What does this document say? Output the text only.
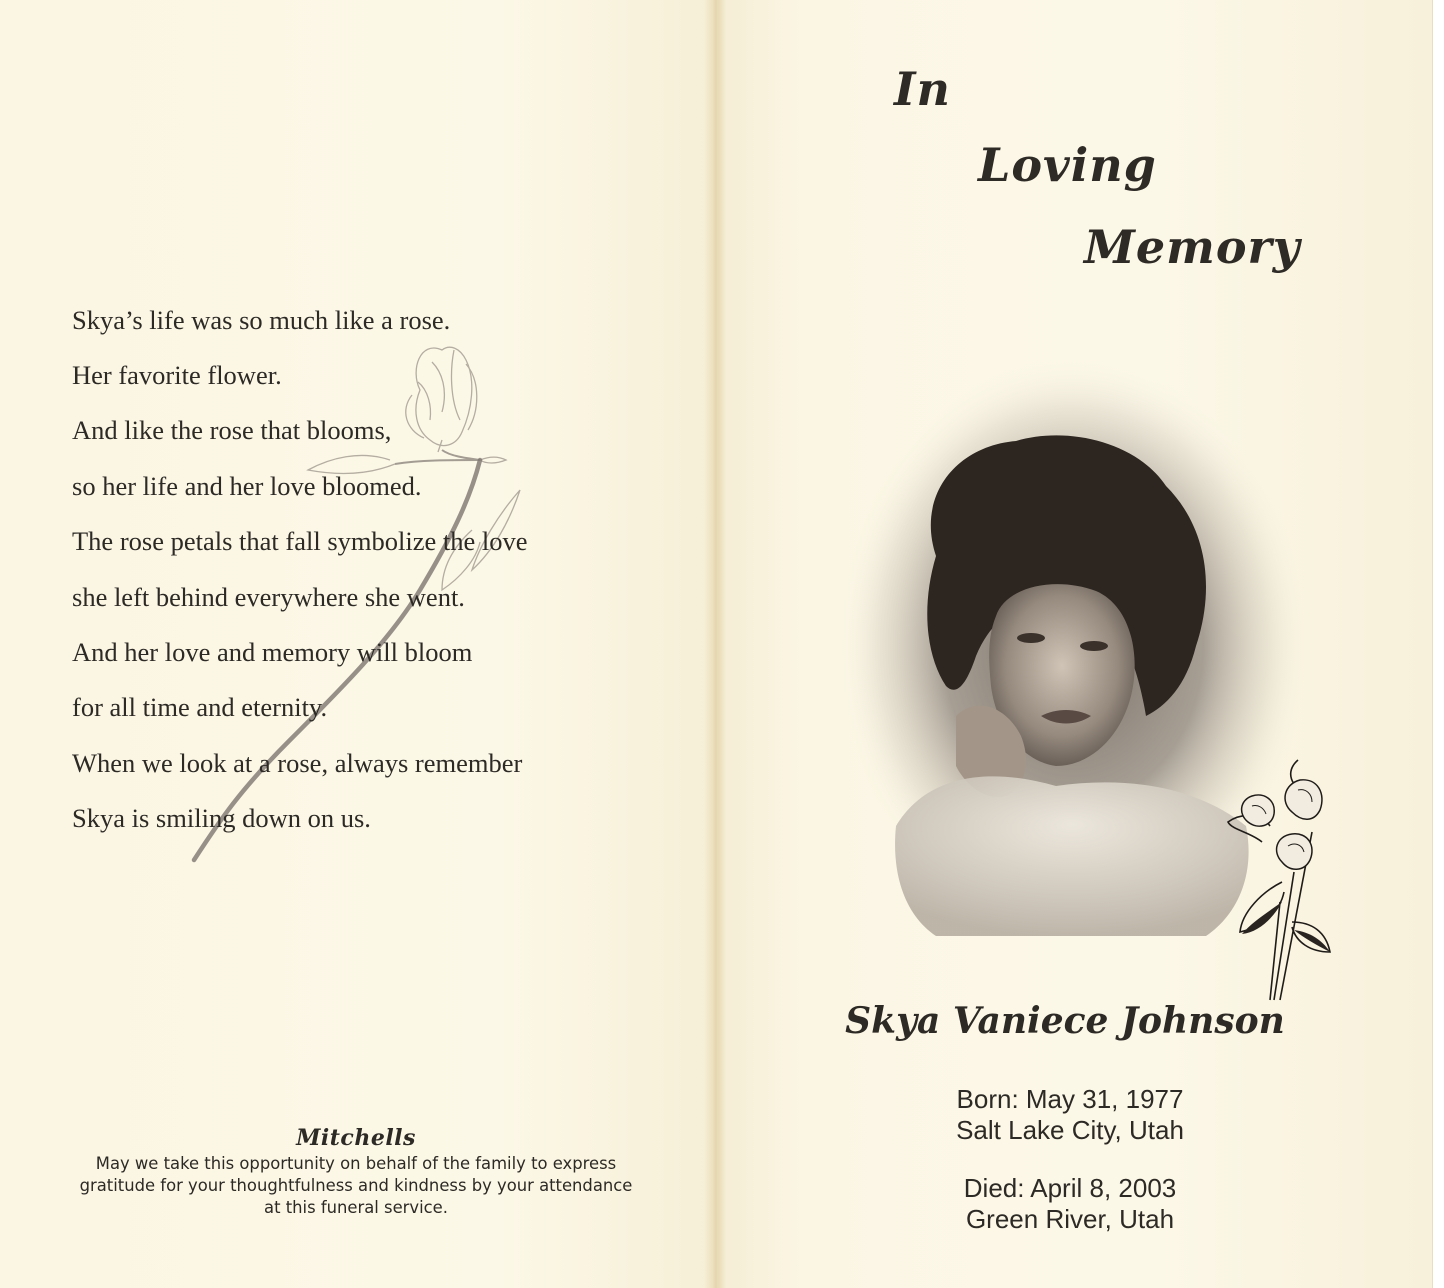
Skya’s life was so much like a rose.
Her favorite flower.
And like the rose that blooms,
so her life and her love bloomed.
The rose petals that fall symbolize the love
she left behind everywhere she went.
And her love and memory will bloom
for all time and eternity.
When we look at a rose, always remember
Skya is smiling down on us.
Mitchells
May we take this opportunity on behalf of the family to express
gratitude for your thoughtfulness and kindness by your attendance
at this funeral service.
In
Loving
Memory
Skya Vaniece Johnson
Born: May 31, 1977
Salt Lake City, Utah
Died: April 8, 2003
Green River, Utah
